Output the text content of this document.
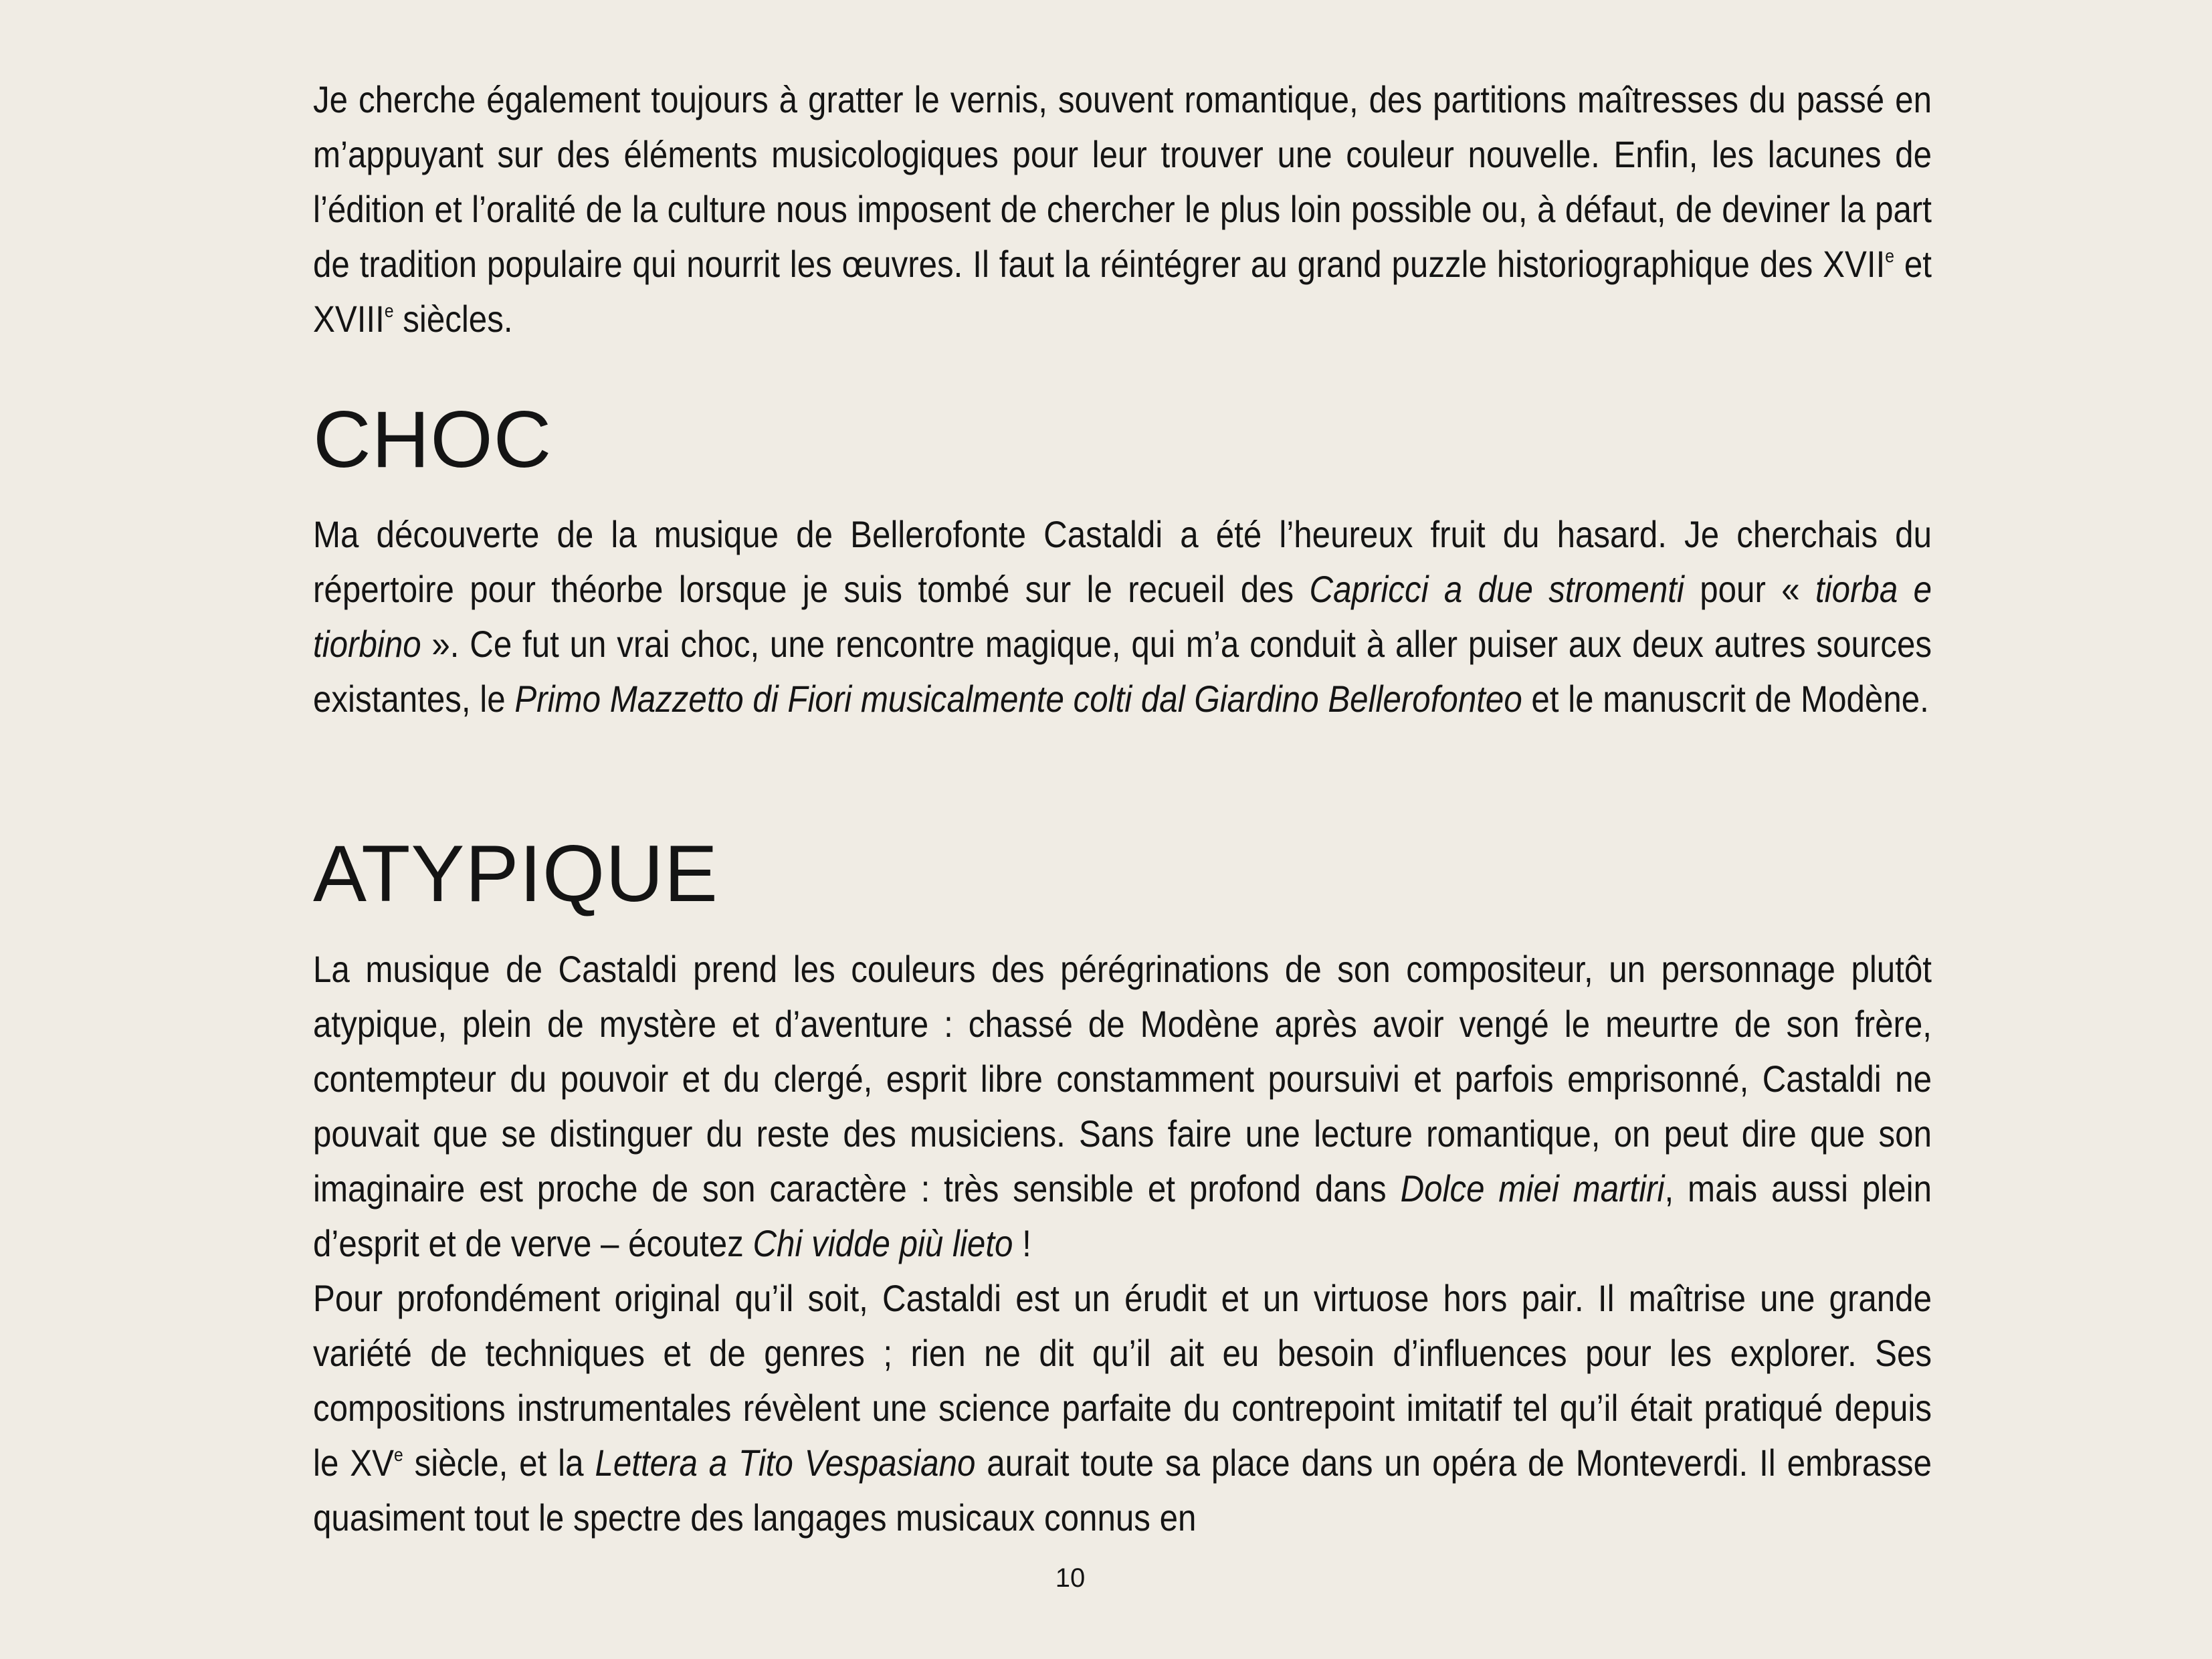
Je cherche également toujours à gratter le vernis, souvent romantique, des partitions maîtresses du passé en m’appuyant sur des éléments musicologiques pour leur trouver une couleur nouvelle. Enfin, les lacunes de l’édition et l’oralité de la culture nous imposent de chercher le plus loin possible ou, à défaut, de deviner la part de tradition populaire qui nourrit les œuvres. Il faut la réintégrer au grand puzzle historiographique des XVIIe et XVIIIe siècles.

CHOC

Ma découverte de la musique de Bellerofonte Castaldi a été l’heureux fruit du hasard. Je cherchais du répertoire pour théorbe lorsque je suis tombé sur le recueil des Capricci a due stromenti pour « tiorba e tiorbino ». Ce fut un vrai choc, une rencontre magique, qui m’a conduit à aller puiser aux deux autres sources existantes, le Primo Mazzetto di Fiori musicalmente colti dal Giardino Bellerofonteo et le manuscrit de Modène.

ATYPIQUE

La musique de Castaldi prend les couleurs des pérégrinations de son compositeur, un personnage plutôt atypique, plein de mystère et d’aventure : chassé de Modène après avoir vengé le meurtre de son frère, contempteur du pouvoir et du clergé, esprit libre constamment poursuivi et parfois emprisonné, Castaldi ne pouvait que se distinguer du reste des musiciens. Sans faire une lecture romantique, on peut dire que son imaginaire est proche de son caractère : très sensible et profond dans Dolce miei martiri, mais aussi plein d’esprit et de verve – écoutez Chi vidde più lieto !

Pour profondément original qu’il soit, Castaldi est un érudit et un virtuose hors pair. Il maîtrise une grande variété de techniques et de genres ; rien ne dit qu’il ait eu besoin d’influences pour les explorer. Ses compositions instrumentales révèlent une science parfaite du contrepoint imitatif tel qu’il était pratiqué depuis le XVe siècle, et la Lettera a Tito Vespasiano aurait toute sa place dans un opéra de Monteverdi. Il embrasse quasiment tout le spectre des langages musicaux connus en

10
